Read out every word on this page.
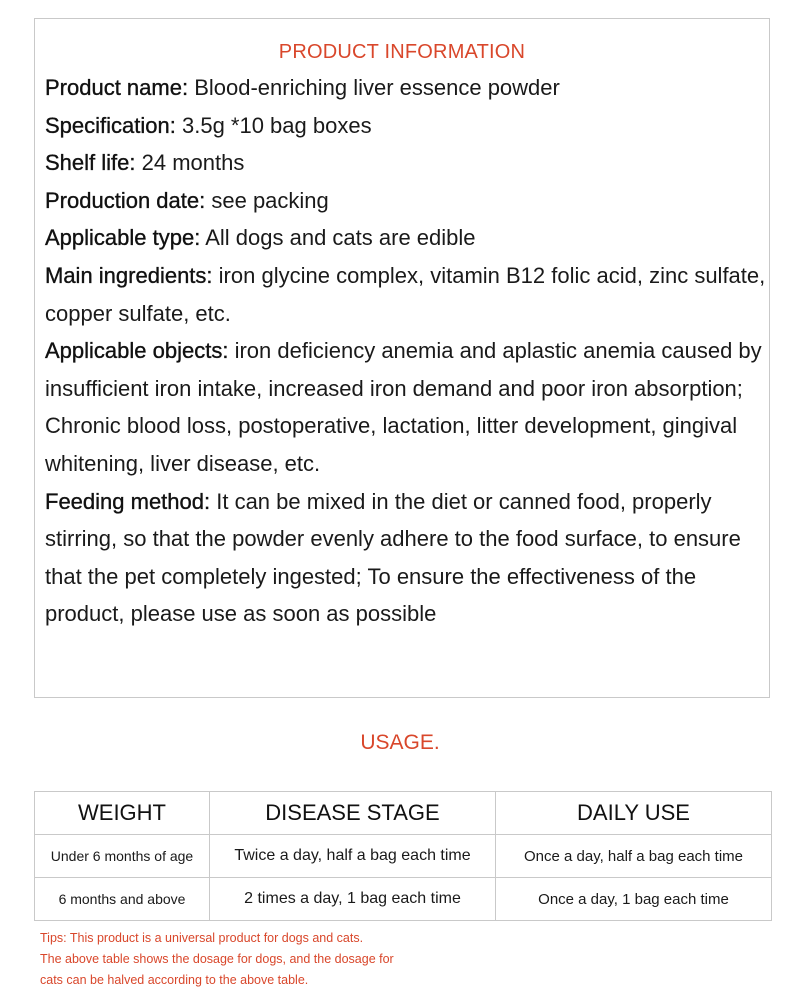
PRODUCT INFORMATION
Product name: Blood-enriching liver essence powder
Specification: 3.5g *10 bag boxes
Shelf life: 24 months
Production date: see packing
Applicable type: All dogs and cats are edible

Main ingredients: iron glycine complex, vitamin B12 folic acid, zinc sulfate, copper sulfate, etc.

Applicable objects: iron deficiency anemia and aplastic anemia caused by insufficient iron intake, increased iron demand and poor iron absorption; Chronic blood loss, postoperative, lactation, litter development, gingival whitening, liver disease, etc.

Feeding method: It can be mixed in the diet or canned food, properly stirring, so that the powder evenly adhere to the food surface, to ensure that the pet completely ingested; To ensure the effectiveness of the product, please use as soon as possible

USAGE.
WEIGHT	DISEASE STAGE	DAILY USE
Under 6 months of age	Twice a day, half a bag each time	Once a day, half a bag each time
6 months and above	2 times a day, 1 bag each time	Once a day, 1 bag each time
Tips: This product is a universal product for dogs and cats.
The above table shows the dosage for dogs, and the dosage for
cats can be halved according to the above table.
